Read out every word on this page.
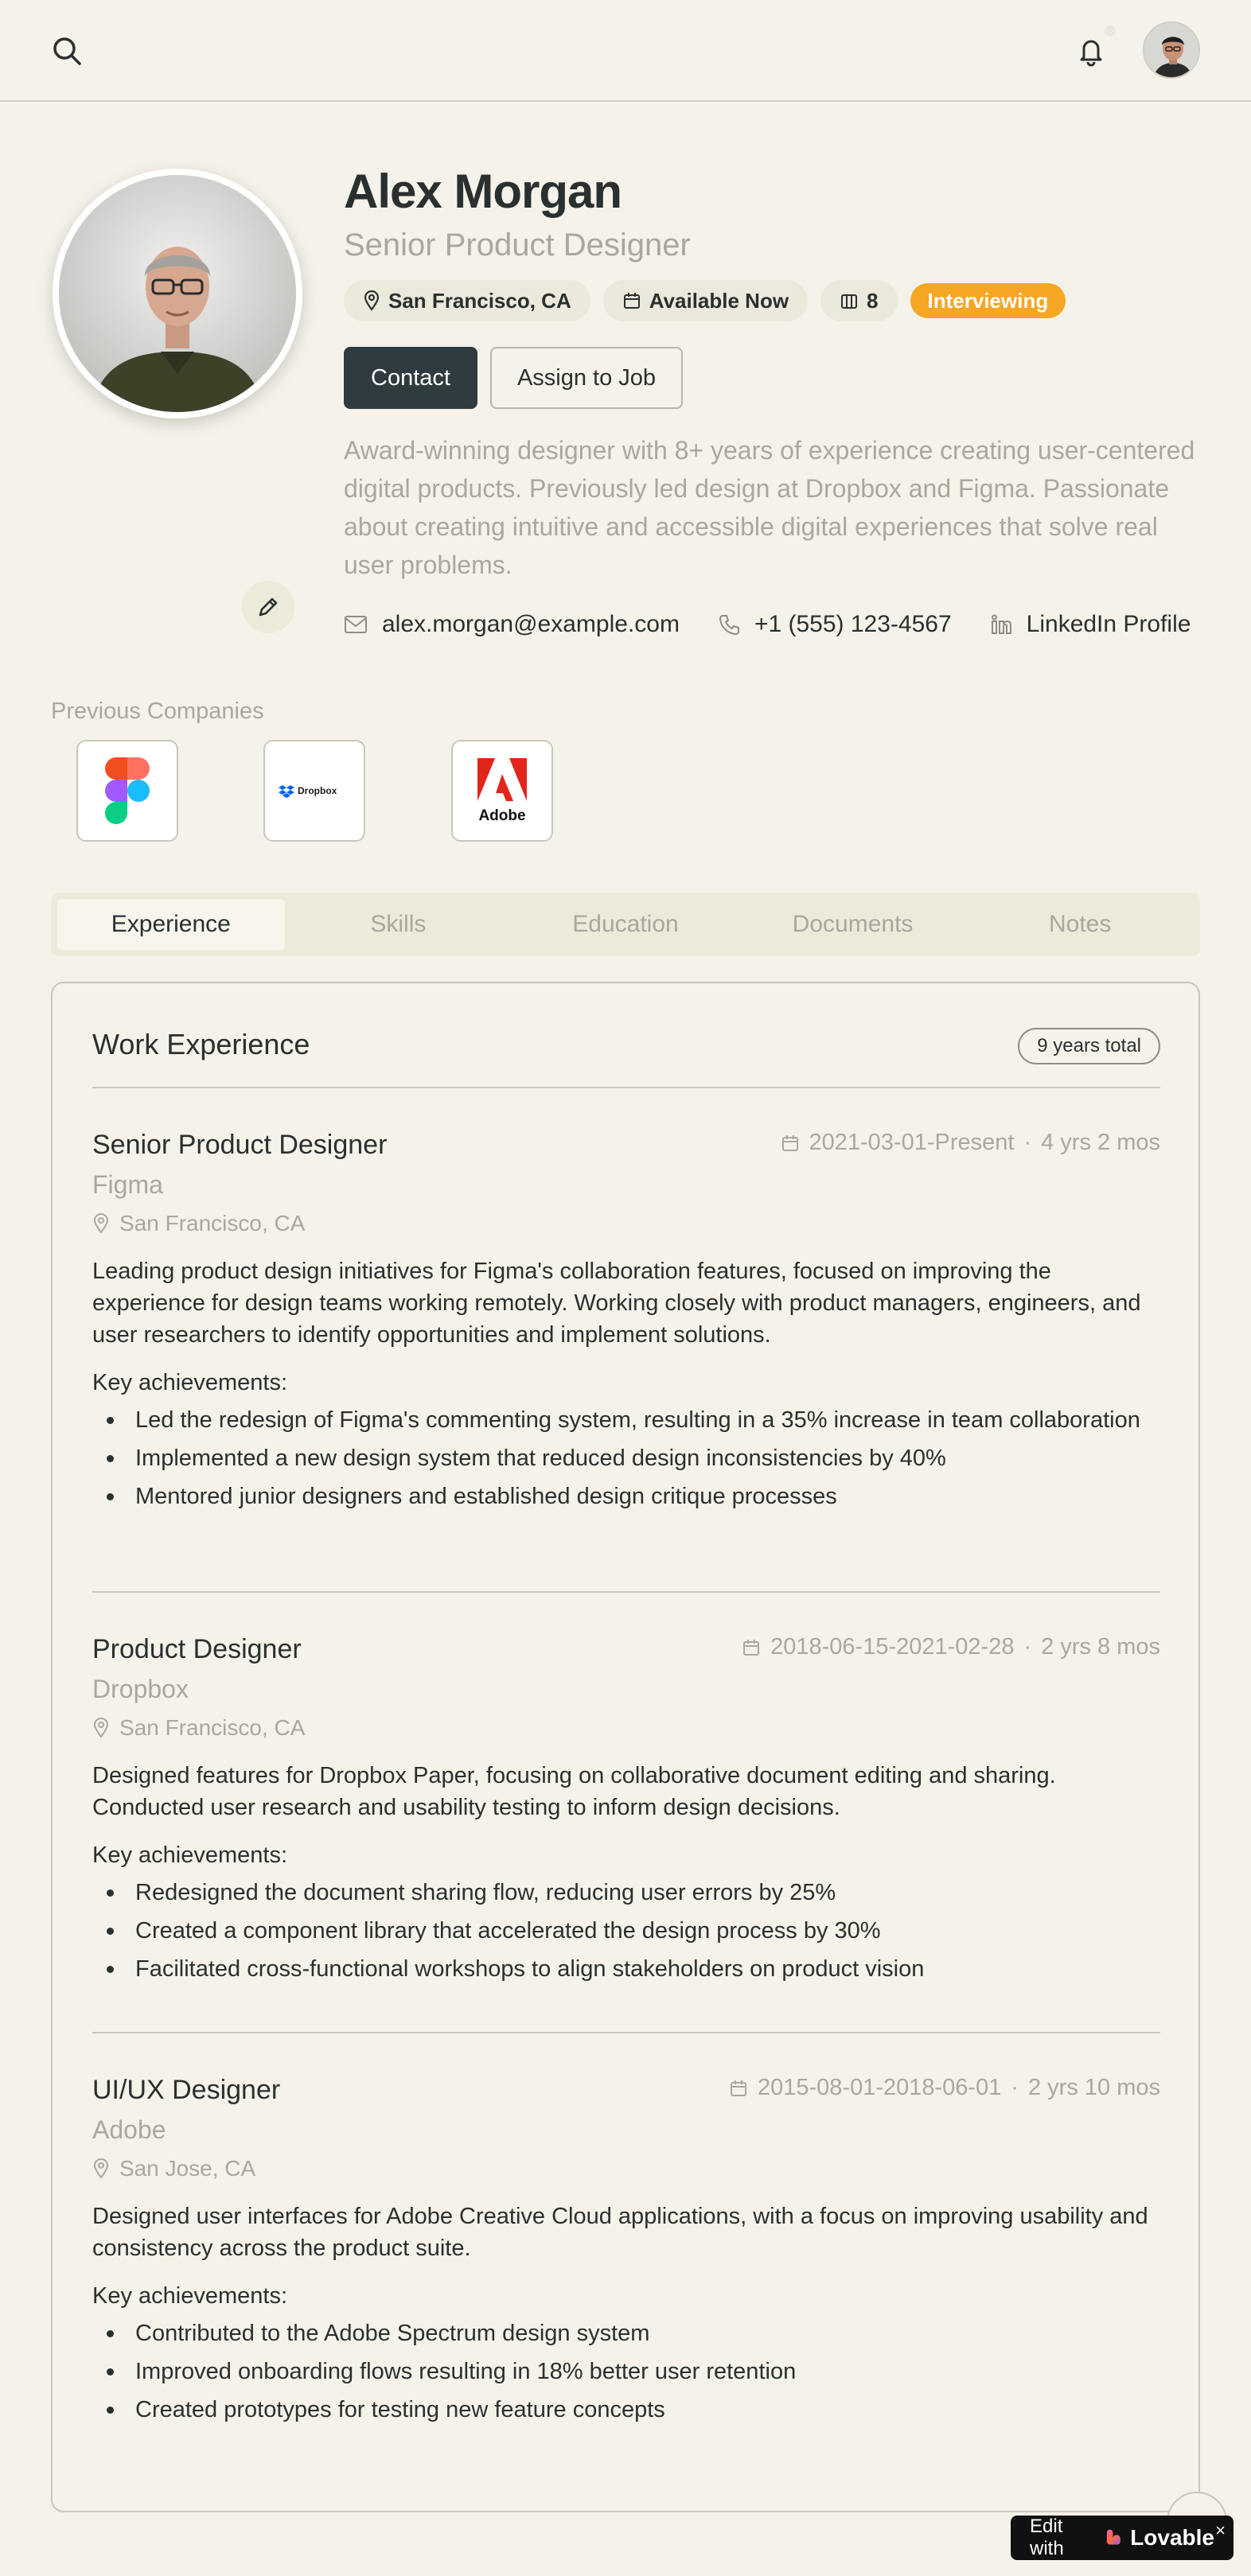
Alex Morgan
Senior Product Designer
San Francisco, CA	Available Now	8	Interviewing
Contact	Assign to Job
Award-winning designer with 8+ years of experience creating user-centered digital products. Previously led design at Dropbox and Figma. Passionate about creating intuitive and accessible digital experiences that solve real user problems.
alex.morgan@example.com	+1 (555) 123-4567	LinkedIn Profile
Previous Companies
Dropbox
Adobe
Experience	Skills	Education	Documents	Notes
Work Experience	9 years total
Senior Product Designer
Figma
San Francisco, CA
2021-03-01-Present · 4 yrs 2 mos
Leading product design initiatives for Figma's collaboration features, focused on improving the experience for design teams working remotely. Working closely with product managers, engineers, and user researchers to identify opportunities and implement solutions.
Key achievements:
Led the redesign of Figma's commenting system, resulting in a 35% increase in team collaboration
Implemented a new design system that reduced design inconsistencies by 40%
Mentored junior designers and established design critique processes
Product Designer
Dropbox
San Francisco, CA
2018-06-15-2021-02-28 · 2 yrs 8 mos
Designed features for Dropbox Paper, focusing on collaborative document editing and sharing. Conducted user research and usability testing to inform design decisions.
Key achievements:
Redesigned the document sharing flow, reducing user errors by 25%
Created a component library that accelerated the design process by 30%
Facilitated cross-functional workshops to align stakeholders on product vision
UI/UX Designer
Adobe
San Jose, CA
2015-08-01-2018-06-01 · 2 yrs 10 mos
Designed user interfaces for Adobe Creative Cloud applications, with a focus on improving usability and consistency across the product suite.
Key achievements:
Contributed to the Adobe Spectrum design system
Improved onboarding flows resulting in 18% better user retention
Created prototypes for testing new feature concepts
Edit with	Lovable ×
